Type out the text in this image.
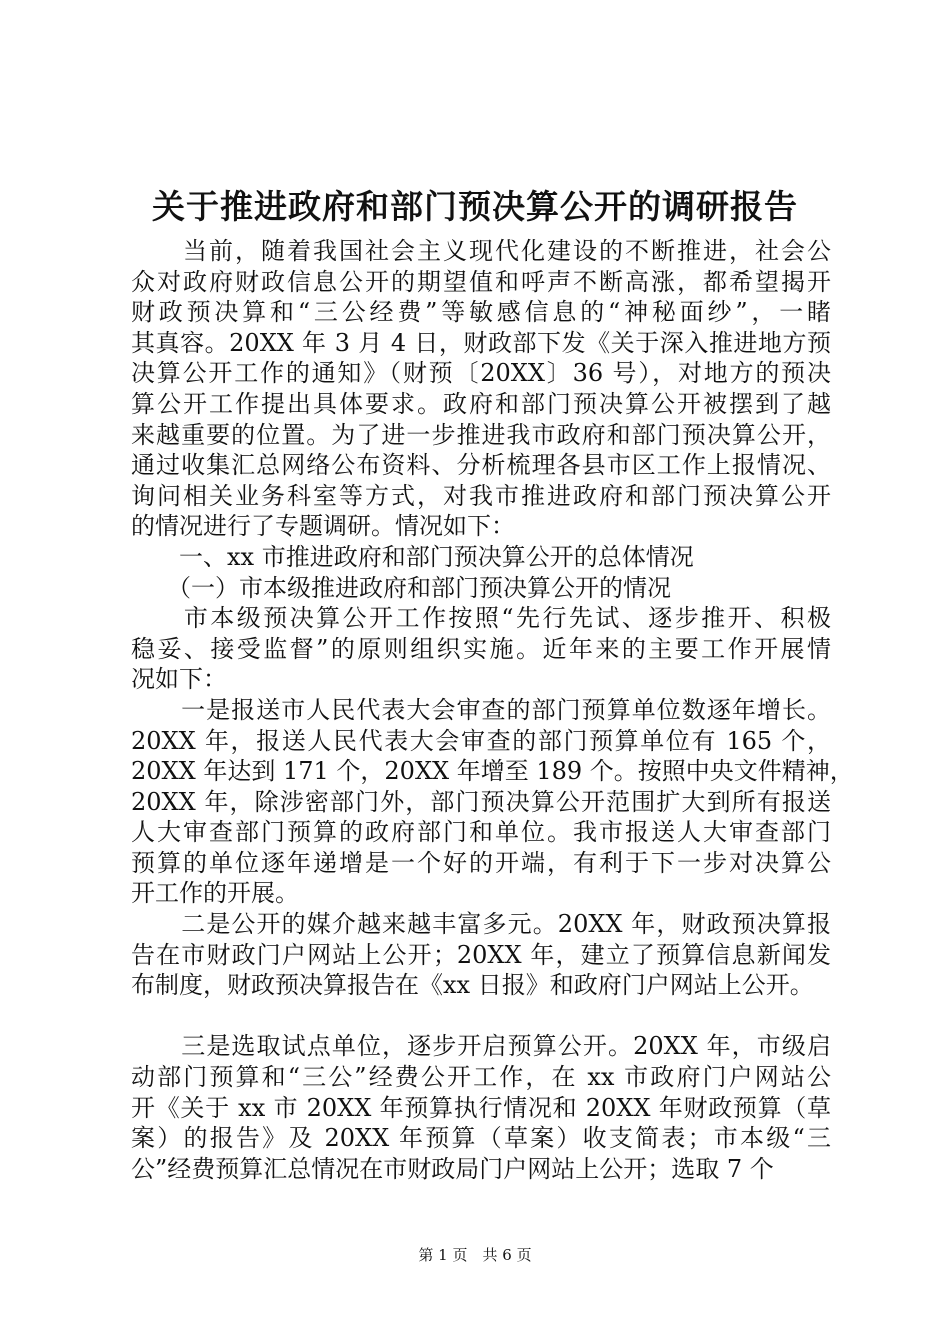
关于推进政府和部门预决算公开的调研报告
　　当前，随着我国社会主义现代化建设的不断推进，社会公
众对政府财政信息公开的期望值和呼声不断高涨，都希望揭开
财政预决算和“三公经费”等敏感信息的“神秘面纱”，一睹
其真容。20XX 年 3 月 4 日，财政部下发《关于深入推进地方预
决算公开工作的通知》（财预〔20XX〕36 号），对地方的预决
算公开工作提出具体要求。政府和部门预决算公开被摆到了越
来越重要的位置。为了进一步推进我市政府和部门预决算公开，
通过收集汇总网络公布资料、分析梳理各县市区工作上报情况、
询问相关业务科室等方式，对我市推进政府和部门预决算公开
的情况进行了专题调研。情况如下：
　　一、xx 市推进政府和部门预决算公开的总体情况
　　（一）市本级推进政府和部门预决算公开的情况
　　市本级预决算公开工作按照“先行先试、逐步推开、积极
稳妥、接受监督”的原则组织实施。近年来的主要工作开展情
况如下：
　　一是报送市人民代表大会审查的部门预算单位数逐年增长。
20XX 年，报送人民代表大会审查的部门预算单位有 165 个，
20XX 年达到 171 个，20XX 年增至 189 个。按照中央文件精神，
20XX 年，除涉密部门外，部门预决算公开范围扩大到所有报送
人大审查部门预算的政府部门和单位。我市报送人大审查部门
预算的单位逐年递增是一个好的开端，有利于下一步对决算公
开工作的开展。
　　二是公开的媒介越来越丰富多元。20XX 年，财政预决算报
告在市财政门户网站上公开；20XX 年，建立了预算信息新闻发
布制度，财政预决算报告在《xx 日报》和政府门户网站上公开。
　　三是选取试点单位，逐步开启预算公开。20XX 年，市级启
动部门预算和“三公”经费公开工作，在 xx 市政府门户网站公
开《关于 xx 市 20XX 年预算执行情况和 20XX 年财政预算（草
案）的报告》及 20XX 年预算（草案）收支简表；市本级“三
公”经费预算汇总情况在市财政局门户网站上公开；选取 7 个
第 1 页　共 6 页
